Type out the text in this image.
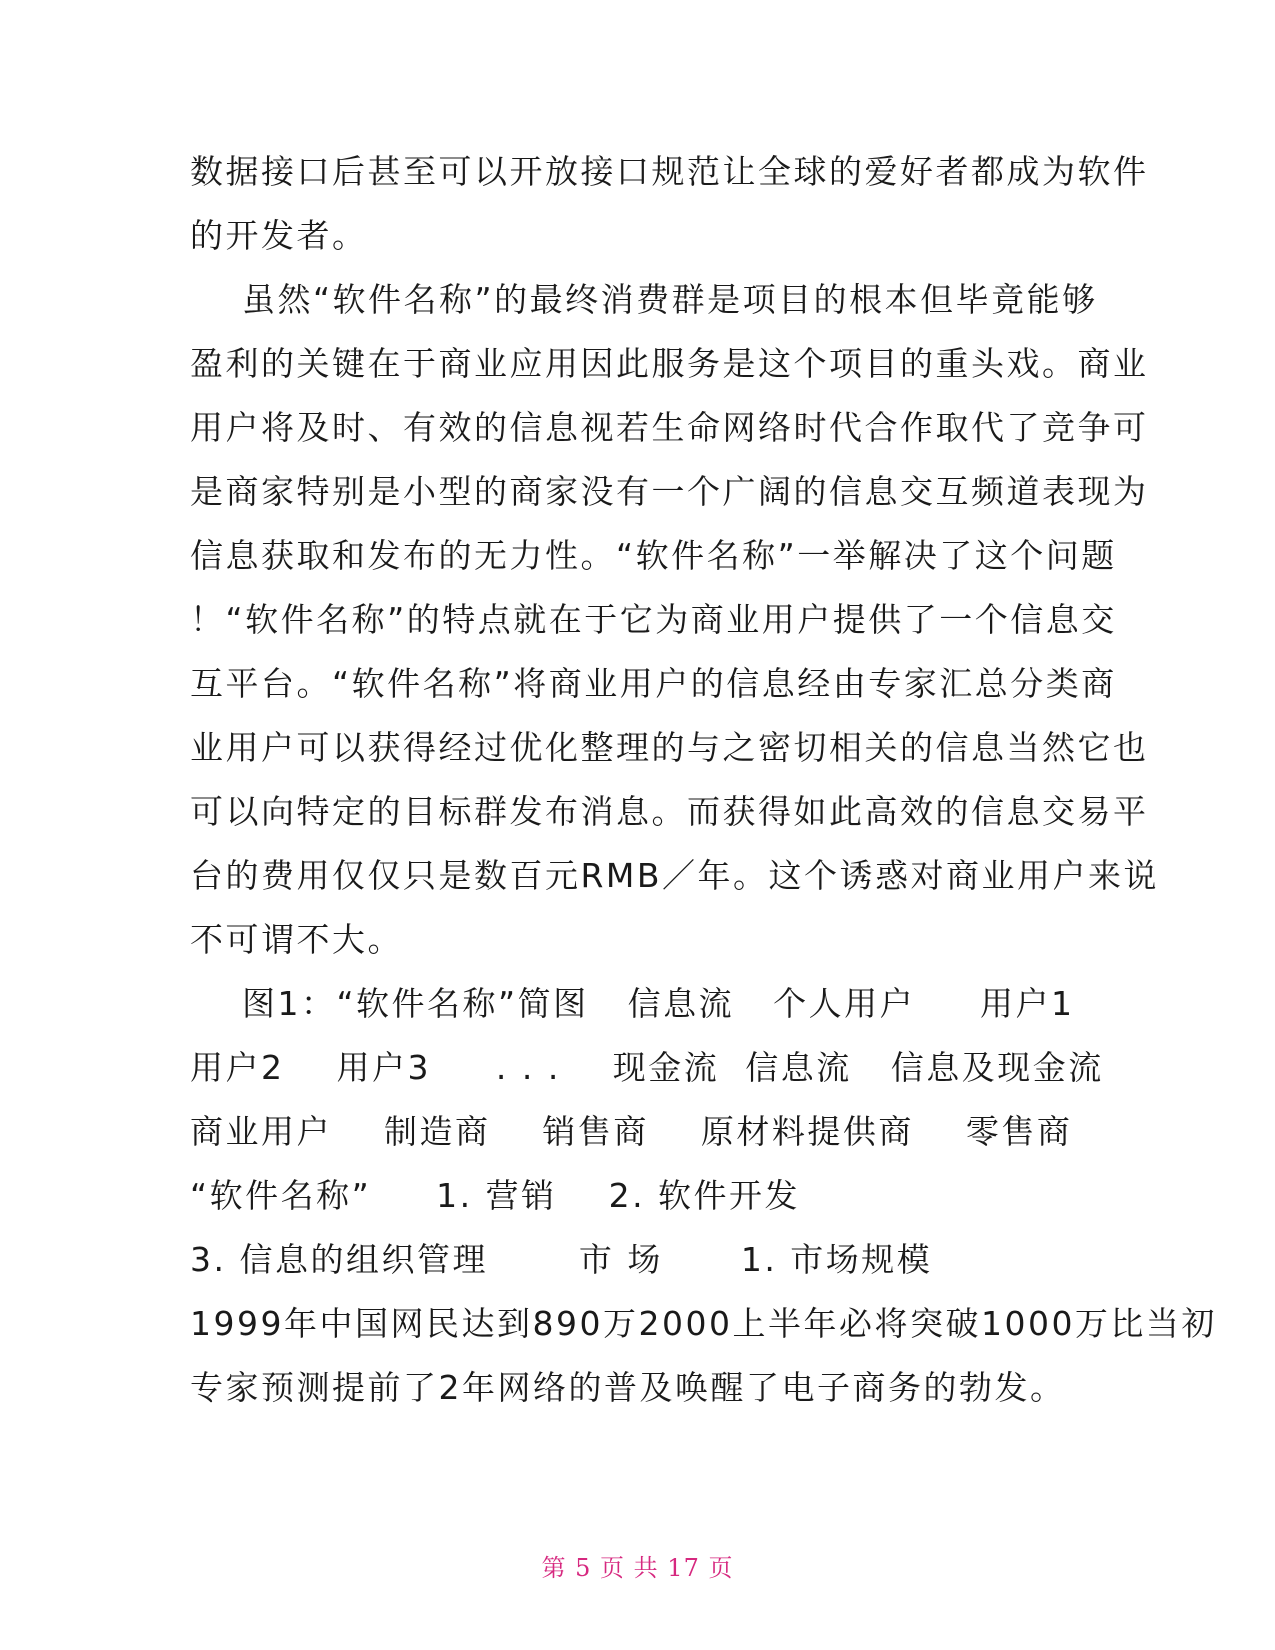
数据接口后甚至可以开放接口规范让全球的爱好者都成为软件
的开发者。
虽然“软件名称”的最终消费群是项目的根本但毕竟能够
盈利的关键在于商业应用因此服务是这个项目的重头戏。商业
用户将及时、有效的信息视若生命网络时代合作取代了竞争可
是商家特别是小型的商家没有一个广阔的信息交互频道表现为
信息获取和发布的无力性。“软件名称”一举解决了这个问题
！“软件名称”的特点就在于它为商业用户提供了一个信息交
互平台。“软件名称”将商业用户的信息经由专家汇总分类商
业用户可以获得经过优化整理的与之密切相关的信息当然它也
可以向特定的目标群发布消息。而获得如此高效的信息交易平
台的费用仅仅只是数百元RMB／年。这个诱惑对商业用户来说
不可谓不大。
图1：“软件名称”简图   信息流   个人用户     用户1
用户2    用户3     . . .    现金流  信息流   信息及现金流
商业用户    制造商    销售商    原材料提供商    零售商
“软件名称”     1. 营销    2. 软件开发
3. 信息的组织管理       市 场      1. 市场规模
1999年中国网民达到890万2000上半年必将突破1000万比当初
专家预测提前了2年网络的普及唤醒了电子商务的勃发。
第 5 页 共 17 页
